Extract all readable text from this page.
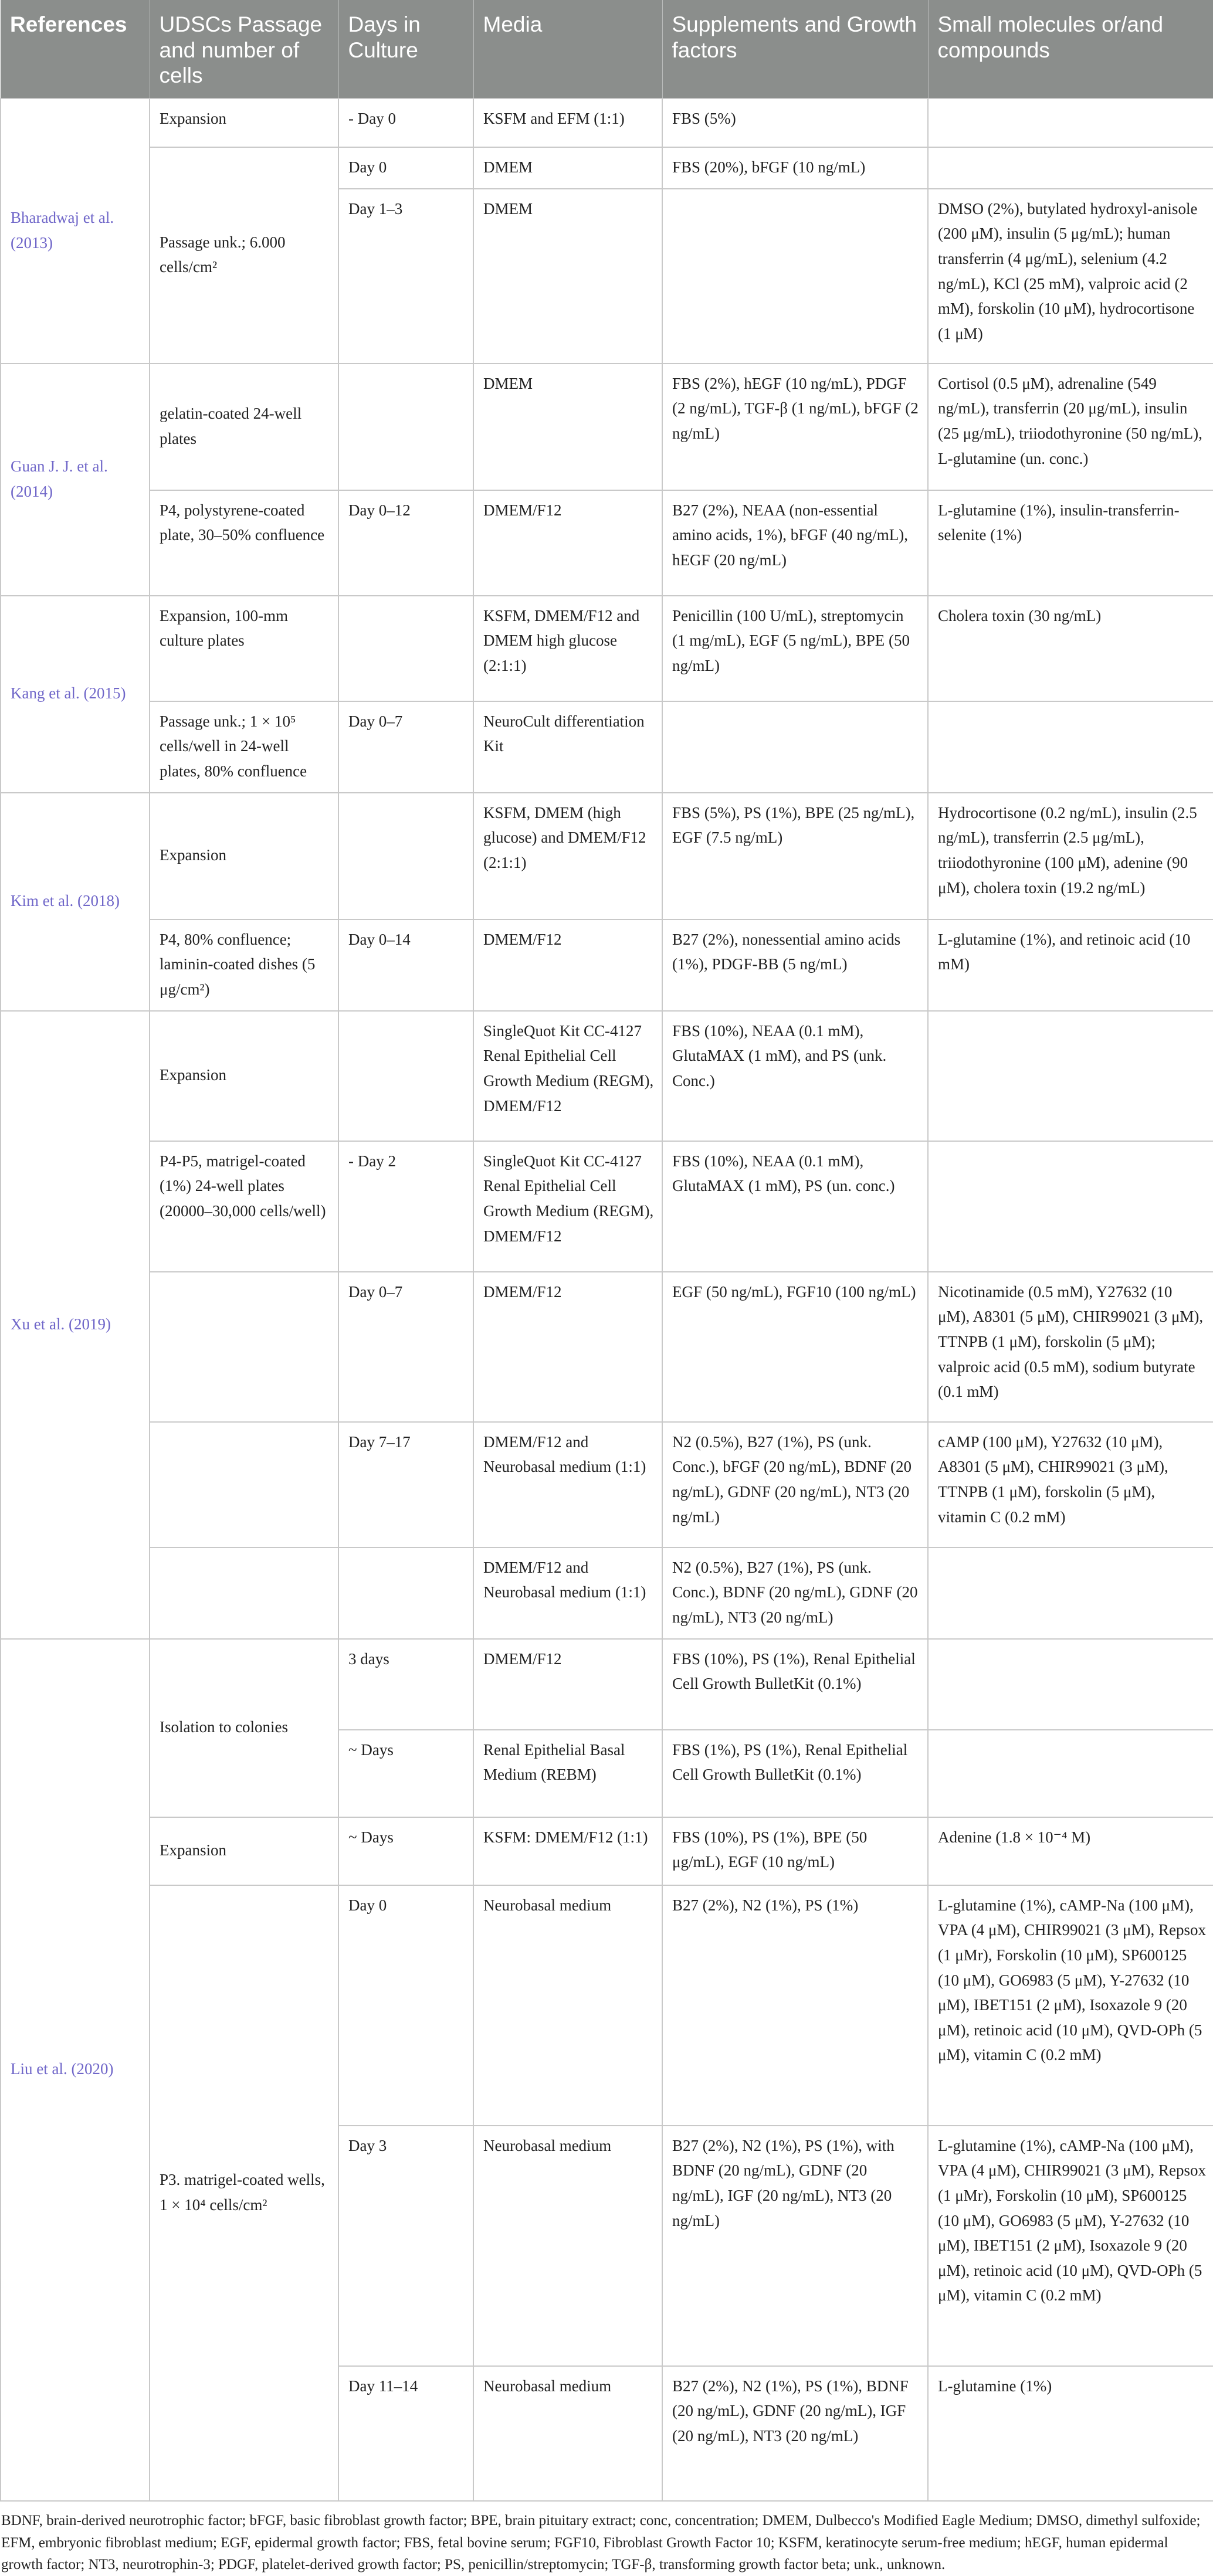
References	UDSCs Passage and number of cells	Days in Culture	Media	Supplements and Growth factors	Small molecules or/and compounds
Bharadwaj et al. (2013)	Expansion	- Day 0	KSFM and EFM (1:1)	FBS (5%)	
	Passage unk.; 6.000 cells/cm²	Day 0	DMEM	FBS (20%), bFGF (10 ng/mL)	
		Day 1–3	DMEM		DMSO (2%), butylated hydroxyl-anisole (200 μM), insulin (5 μg/mL); human transferrin (4 μg/mL), selenium (4.2 ng/mL), KCl (25 mM), valproic acid (2 mM), forskolin (10 μM), hydrocortisone (1 μM)
Guan J. J. et al. (2014)	gelatin-coated 24-well plates		DMEM	FBS (2%), hEGF (10 ng/mL), PDGF (2 ng/mL), TGF-β (1 ng/mL), bFGF (2 ng/mL)	Cortisol (0.5 μM), adrenaline (549 ng/mL), transferrin (20 μg/mL), insulin (25 μg/mL), triiodothyronine (50 ng/mL), L-glutamine (un. conc.)
	P4, polystyrene-coated plate, 30–50% confluence	Day 0–12	DMEM/F12	B27 (2%), NEAA (non-essential amino acids, 1%), bFGF (40 ng/mL), hEGF (20 ng/mL)	L-glutamine (1%), insulin-transferrin-selenite (1%)
Kang et al. (2015)	Expansion, 100-mm culture plates		KSFM, DMEM/F12 and DMEM high glucose (2:1:1)	Penicillin (100 U/mL), streptomycin (1 mg/mL), EGF (5 ng/mL), BPE (50 ng/mL)	Cholera toxin (30 ng/mL)
	Passage unk.; 1 × 10⁵ cells/well in 24-well plates, 80% confluence	Day 0–7	NeuroCult differentiation Kit		
Kim et al. (2018)	Expansion		KSFM, DMEM (high glucose) and DMEM/F12 (2:1:1)	FBS (5%), PS (1%), BPE (25 ng/mL), EGF (7.5 ng/mL)	Hydrocortisone (0.2 ng/mL), insulin (2.5 ng/mL), transferrin (2.5 μg/mL), triiodothyronine (100 μM), adenine (90 μM), cholera toxin (19.2 ng/mL)
	P4, 80% confluence; laminin-coated dishes (5 μg/cm²)	Day 0–14	DMEM/F12	B27 (2%), nonessential amino acids (1%), PDGF-BB (5 ng/mL)	L-glutamine (1%), and retinoic acid (10 mM)
Xu et al. (2019)	Expansion		SingleQuot Kit CC-4127 Renal Epithelial Cell Growth Medium (REGM), DMEM/F12	FBS (10%), NEAA (0.1 mM), GlutaMAX (1 mM), and PS (unk. Conc.)	
	P4-P5, matrigel-coated (1%) 24-well plates (20000–30,000 cells/well)	- Day 2	SingleQuot Kit CC-4127 Renal Epithelial Cell Growth Medium (REGM), DMEM/F12	FBS (10%), NEAA (0.1 mM), GlutaMAX (1 mM), PS (un. conc.)	
		Day 0–7	DMEM/F12	EGF (50 ng/mL), FGF10 (100 ng/mL)	Nicotinamide (0.5 mM), Y27632 (10 μM), A8301 (5 μM), CHIR99021 (3 μM), TTNPB (1 μM), forskolin (5 μM); valproic acid (0.5 mM), sodium butyrate (0.1 mM)
		Day 7–17	DMEM/F12 and Neurobasal medium (1:1)	N2 (0.5%), B27 (1%), PS (unk. Conc.), bFGF (20 ng/mL), BDNF (20 ng/mL), GDNF (20 ng/mL), NT3 (20 ng/mL)	cAMP (100 μM), Y27632 (10 μM), A8301 (5 μM), CHIR99021 (3 μM), TTNPB (1 μM), forskolin (5 μM), vitamin C (0.2 mM)
			DMEM/F12 and Neurobasal medium (1:1)	N2 (0.5%), B27 (1%), PS (unk. Conc.), BDNF (20 ng/mL), GDNF (20 ng/mL), NT3 (20 ng/mL)	
Liu et al. (2020)	Isolation to colonies	3 days	DMEM/F12	FBS (10%), PS (1%), Renal Epithelial Cell Growth BulletKit (0.1%)	
		~ Days	Renal Epithelial Basal Medium (REBM)	FBS (1%), PS (1%), Renal Epithelial Cell Growth BulletKit (0.1%)	
	Expansion	~ Days	KSFM: DMEM/F12 (1:1)	FBS (10%), PS (1%), BPE (50 μg/mL), EGF (10 ng/mL)	Adenine (1.8 × 10⁻⁴ M)
	P3. matrigel-coated wells, 1 × 10⁴ cells/cm²	Day 0	Neurobasal medium	B27 (2%), N2 (1%), PS (1%)	L-glutamine (1%), cAMP-Na (100 μM), VPA (4 μM), CHIR99021 (3 μM), Repsox (1 μMr), Forskolin (10 μM), SP600125 (10 μM), GO6983 (5 μM), Y-27632 (10 μM), IBET151 (2 μM), Isoxazole 9 (20 μM), retinoic acid (10 μM), QVD-OPh (5 μM), vitamin C (0.2 mM)
		Day 3	Neurobasal medium	B27 (2%), N2 (1%), PS (1%), with BDNF (20 ng/mL), GDNF (20 ng/mL), IGF (20 ng/mL), NT3 (20 ng/mL)	L-glutamine (1%), cAMP-Na (100 μM), VPA (4 μM), CHIR99021 (3 μM), Repsox (1 μMr), Forskolin (10 μM), SP600125 (10 μM), GO6983 (5 μM), Y-27632 (10 μM), IBET151 (2 μM), Isoxazole 9 (20 μM), retinoic acid (10 μM), QVD-OPh (5 μM), vitamin C (0.2 mM)
		Day 11–14	Neurobasal medium	B27 (2%), N2 (1%), PS (1%), BDNF (20 ng/mL), GDNF (20 ng/mL), IGF (20 ng/mL), NT3 (20 ng/mL)	L-glutamine (1%)
BDNF, brain-derived neurotrophic factor; bFGF, basic fibroblast growth factor; BPE, brain pituitary extract; conc, concentration; DMEM, Dulbecco's Modified Eagle Medium; DMSO, dimethyl sulfoxide; EFM, embryonic fibroblast medium; EGF, epidermal growth factor; FBS, fetal bovine serum; FGF10, Fibroblast Growth Factor 10; KSFM, keratinocyte serum-free medium; hEGF, human epidermal growth factor; NT3, neurotrophin-3; PDGF, platelet-derived growth factor; PS, penicillin/streptomycin; TGF-β, transforming growth factor beta; unk., unknown.
